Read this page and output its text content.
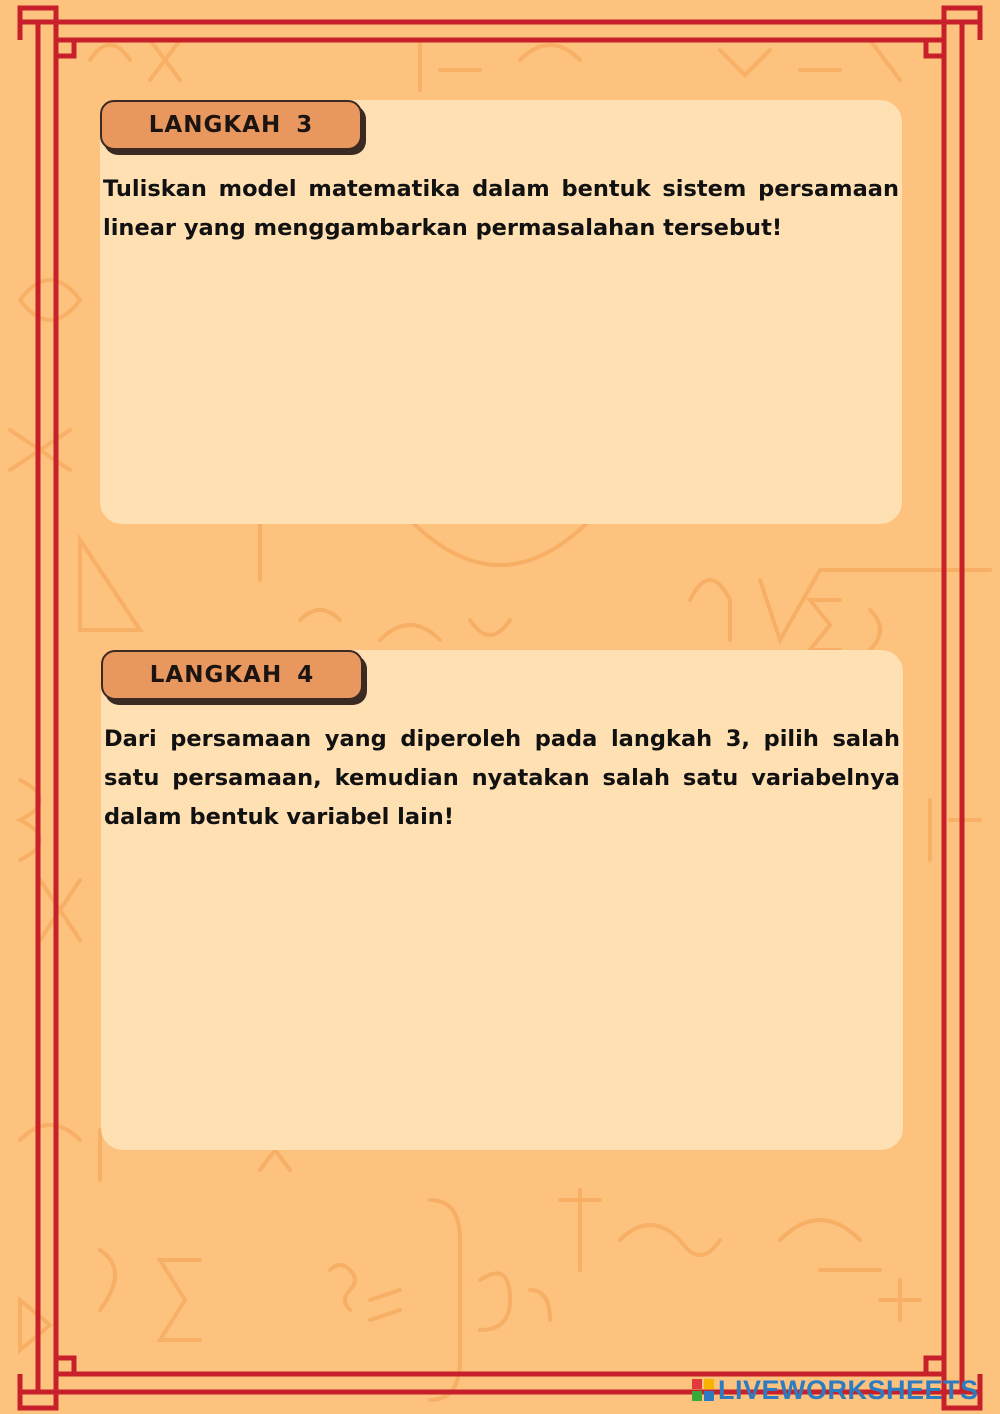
LANGKAH 3
Tuliskan model matematika dalam bentuk sistem persamaan linear yang menggambarkan permasalahan tersebut!
LANGKAH 4
Dari persamaan yang diperoleh pada langkah 3, pilih salah satu persamaan, kemudian nyatakan salah satu variabelnya dalam bentuk variabel lain!
LIVEWORKSHEETS
